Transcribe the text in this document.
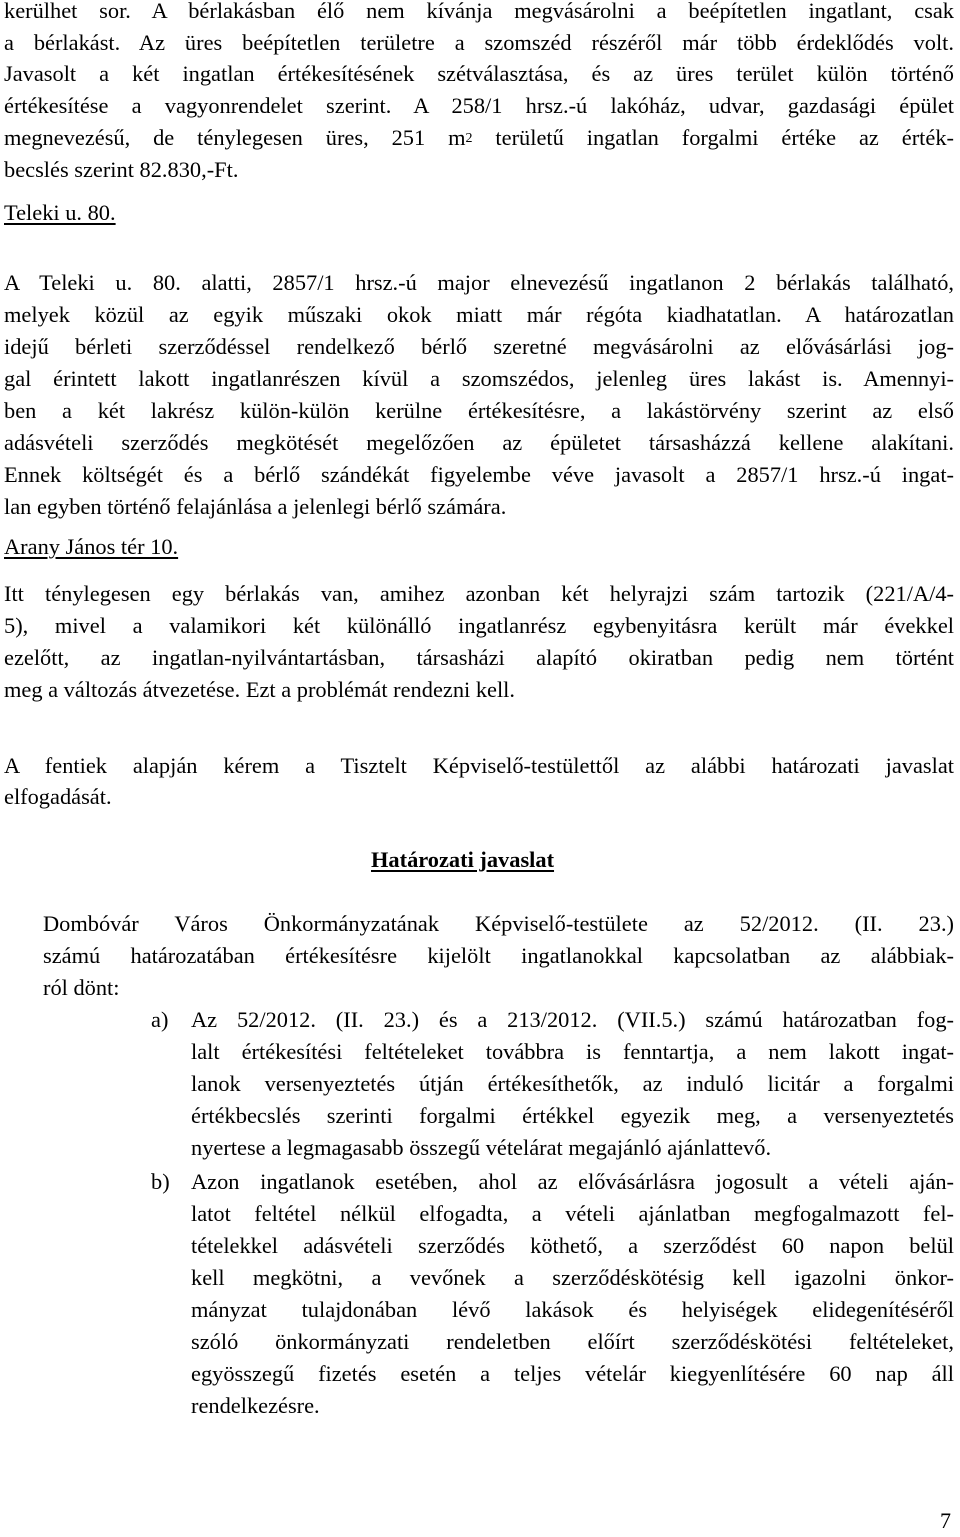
kerülhet sor. A bérlakásban élő nem kívánja megvásárolni a beépítetlen ingatlant, csak
a bérlakást. Az üres beépítetlen területre a szomszéd részéről már több érdeklődés volt.
Javasolt a két ingatlan értékesítésének szétválasztása, és az üres terület külön történő
értékesítése a vagyonrendelet szerint. A 258/1 hrsz.-ú lakóház, udvar, gazdasági épület
megnevezésű, de ténylegesen üres, 251 $m^2$ területű ingatlan forgalmi értéke az érték-
becslés szerint 82.830,-Ft.
Teleki u. 80.
A Teleki u. 80. alatti, 2857/1 hrsz.-ú major elnevezésű ingatlanon 2 bérlakás található,
melyek közül az egyik műszaki okok miatt már régóta kiadhatatlan. A határozatlan
idejű bérleti szerződéssel rendelkező bérlő szeretné megvásárolni az elővásárlási jog-
gal érintett lakott ingatlanrészen kívül a szomszédos, jelenleg üres lakást is. Amennyi-
ben a két lakrész külön-külön kerülne értékesítésre, a lakástörvény szerint az első
adásvételi szerződés megkötését megelőzően az épületet társasházzá kellene alakítani.
Ennek költségét és a bérlő szándékát figyelembe véve javasolt a 2857/1 hrsz.-ú ingat-
lan egyben történő felajánlása a jelenlegi bérlő számára.
Arany János tér 10.
Itt ténylegesen egy bérlakás van, amihez azonban két helyrajzi szám tartozik (221/A/4-
5), mivel a valamikori két különálló ingatlanrész egybenyitásra került már évekkel
ezelőtt, az ingatlan-nyilvántartásban, társasházi alapító okiratban pedig nem történt
meg a változás átvezetése. Ezt a problémát rendezni kell.
A fentiek alapján kérem a Tisztelt Képviselő-testülettől az alábbi határozati javaslat
elfogadását.
Határozati javaslat
Dombóvár Város Önkormányzatának Képviselő-testülete az 52/2012. (II. 23.)
számú határozatában értékesítésre kijelölt ingatlanokkal kapcsolatban az alábbiak-
ról dönt:
a) Az 52/2012. (II. 23.) és a 213/2012. (VII.5.) számú határozatban fog-
lalt értékesítési feltételeket továbbra is fenntartja, a nem lakott ingat-
lanok versenyeztetés útján értékesíthetők, az induló licitár a forgalmi
értékbecslés szerinti forgalmi értékkel egyezik meg, a versenyeztetés
nyertese a legmagasabb összegű vételárat megajánló ajánlattevő.
b) Azon ingatlanok esetében, ahol az elővásárlásra jogosult a vételi aján-
latot feltétel nélkül elfogadta, a vételi ajánlatban megfogalmazott fel-
tételekkel adásvételi szerződés köthető, a szerződést 60 napon belül
kell megkötni, a vevőnek a szerződéskötésig kell igazolni önkor-
mányzat tulajdonában lévő lakások és helyiségek elidegenítéséről
szóló önkormányzati rendeletben előírt szerződéskötési feltételeket,
egyösszegű fizetés esetén a teljes vételár kiegyenlítésére 60 nap áll
rendelkezésre.
7
